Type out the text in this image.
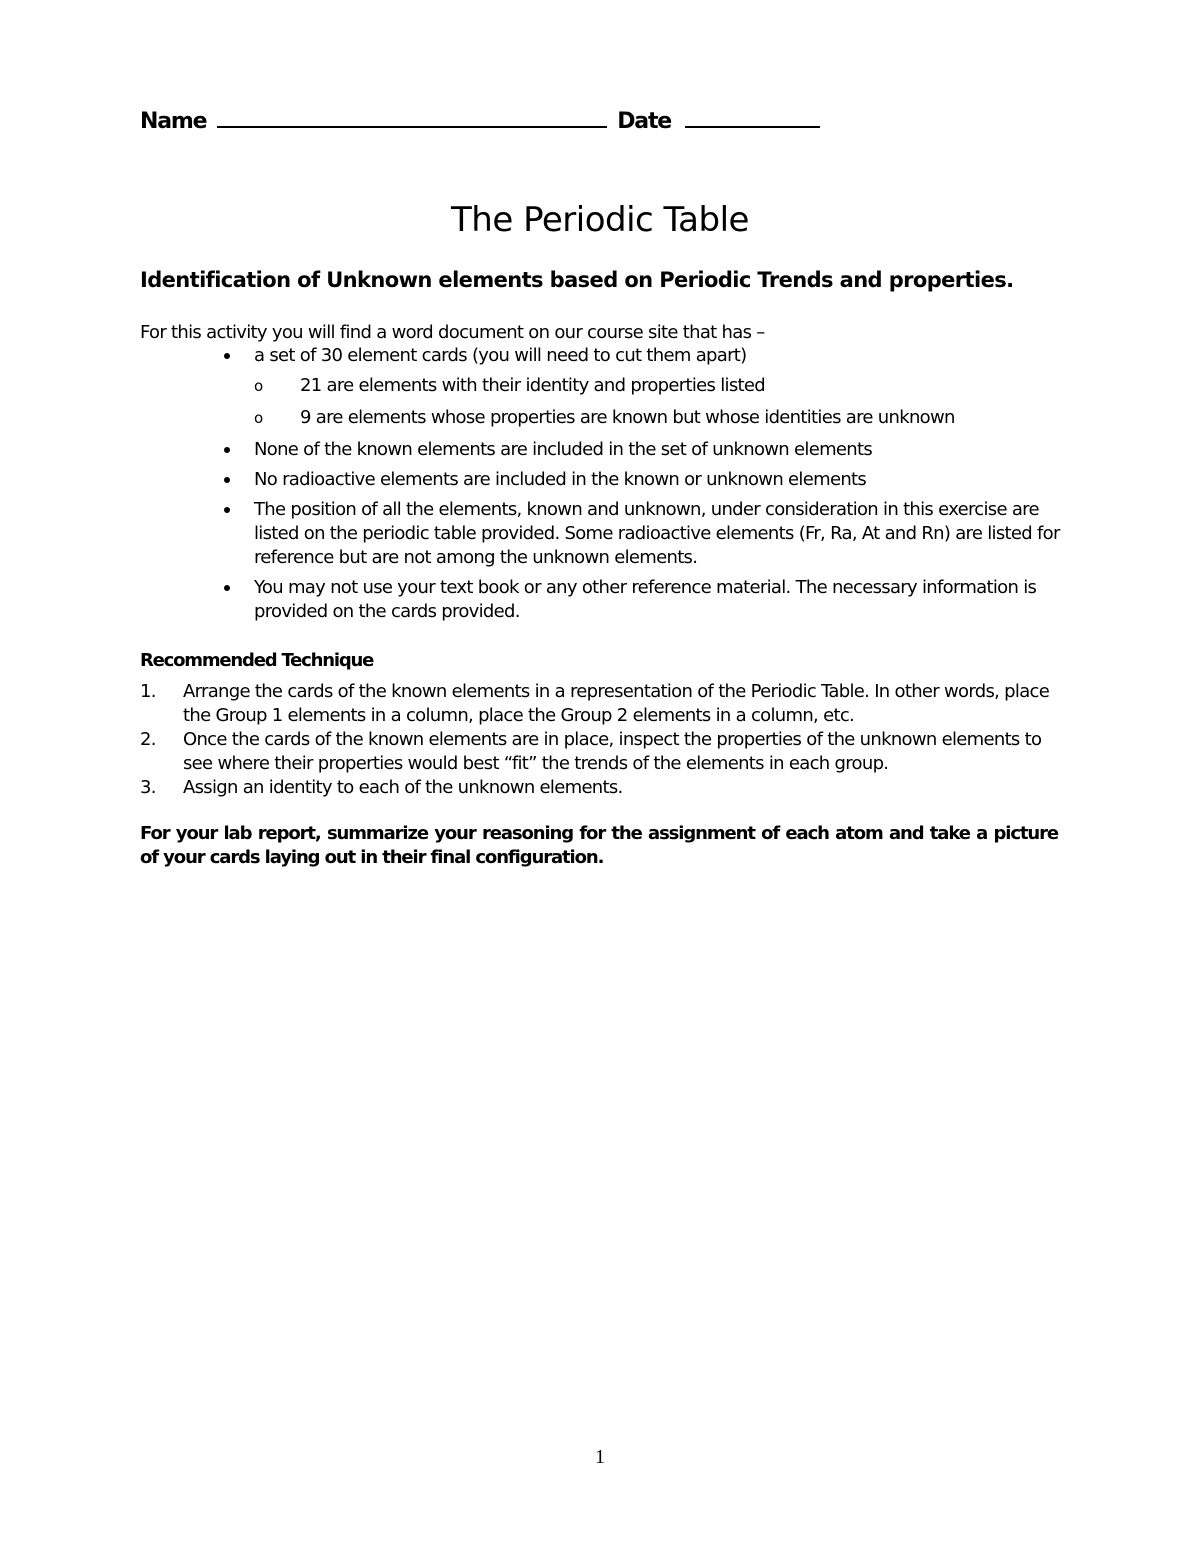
Name	Date
The Periodic Table
Identification of Unknown elements based on Periodic Trends and properties.
For this activity you will find a word document on our course site that has –
a set of 30 element cards (you will need to cut them apart)
o 21 are elements with their identity and properties listed
o 9 are elements whose properties are known but whose identities are unknown
None of the known elements are included in the set of unknown elements
No radioactive elements are included in the known or unknown elements
The position of all the elements, known and unknown, under consideration in this exercise are listed on the periodic table provided. Some radioactive elements (Fr, Ra, At and Rn) are listed for reference but are not among the unknown elements.
You may not use your text book or any other reference material. The necessary information is provided on the cards provided.
Recommended Technique
1. Arrange the cards of the known elements in a representation of the Periodic Table. In other words, place the Group 1 elements in a column, place the Group 2 elements in a column, etc.
2. Once the cards of the known elements are in place, inspect the properties of the unknown elements to see where their properties would best “fit” the trends of the elements in each group.
3. Assign an identity to each of the unknown elements.
For your lab report, summarize your reasoning for the assignment of each atom and take a picture of your cards laying out in their final configuration.
1
